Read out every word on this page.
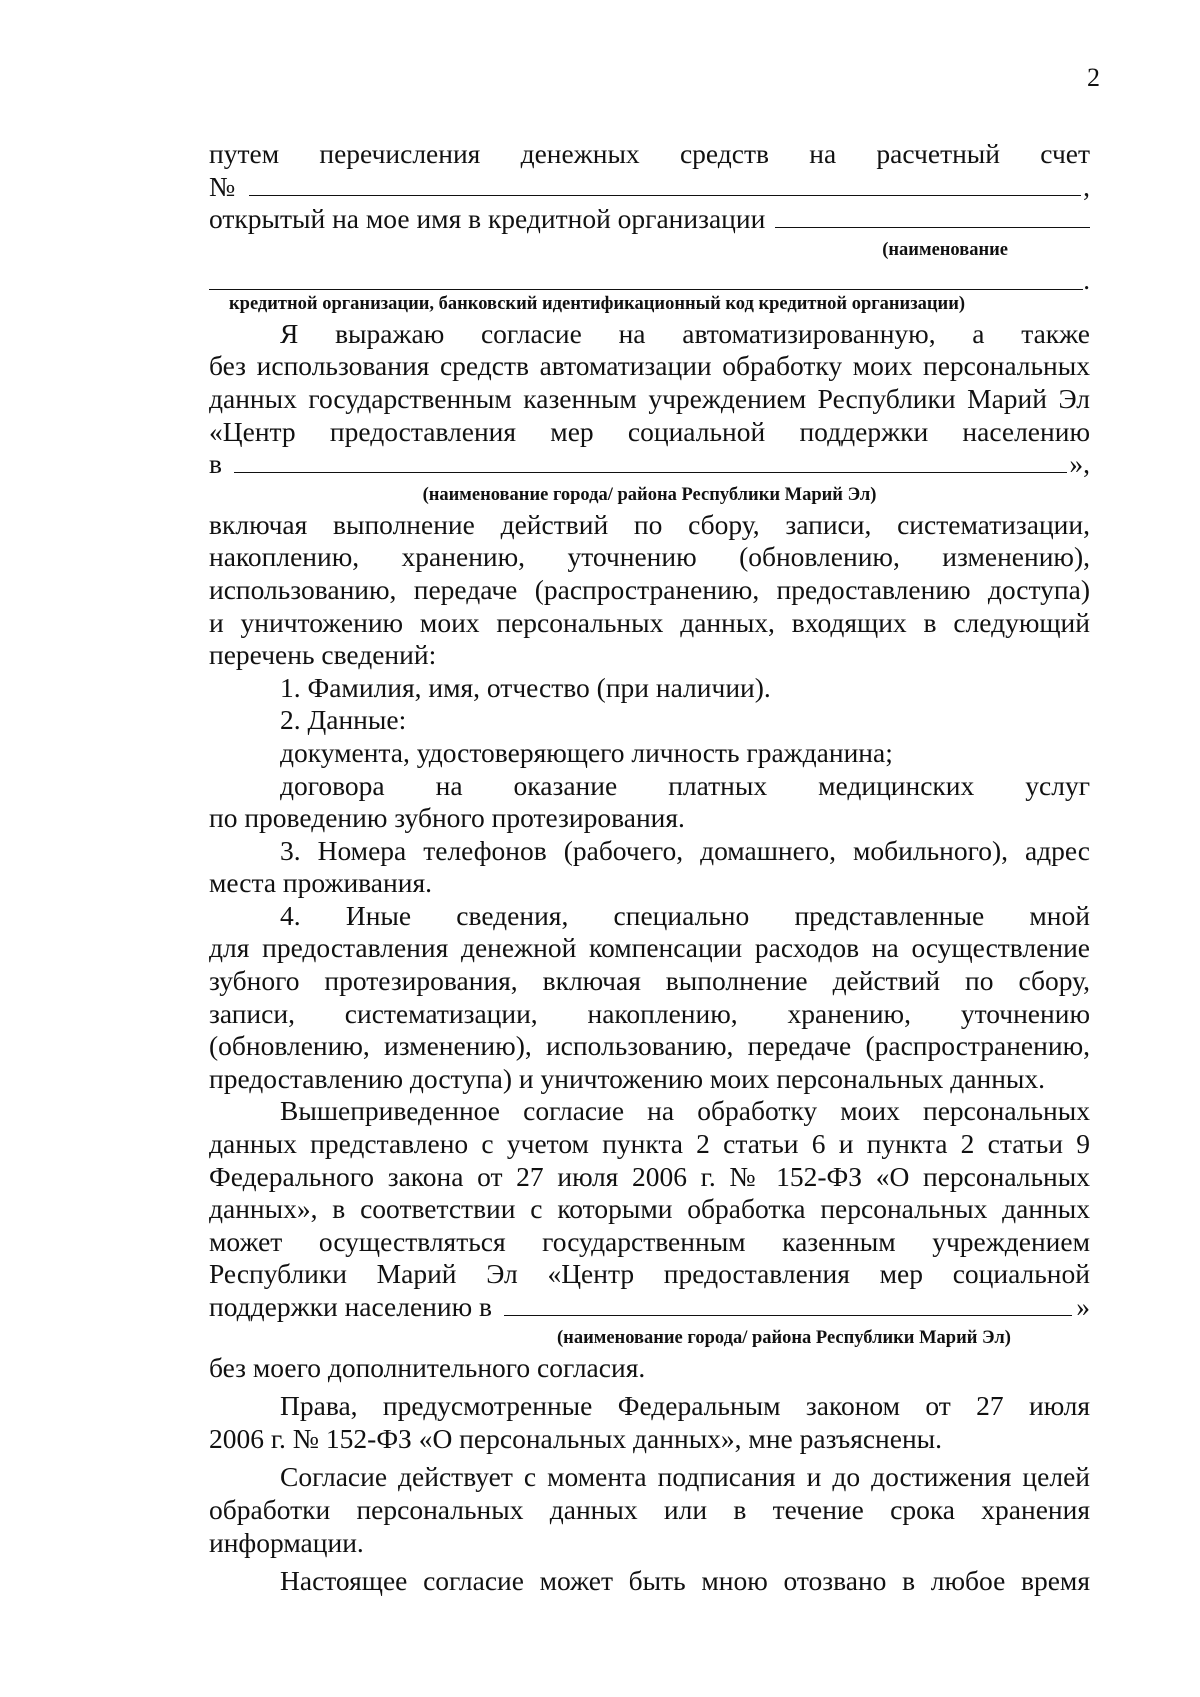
2
путем перечисления денежных средств на расчетный счет
№	,
открытый на мое имя в кредитной организации
(наименование
.
кредитной организации, банковский идентификационный код кредитной организации)
Я выражаю согласие на автоматизированную, а также
без использования средств автоматизации обработку моих персональных
данных государственным казенным учреждением Республики Марий Эл
«Центр предоставления мер социальной поддержки населению
в	»,
(наименование города/ района Республики Марий Эл)
включая выполнение действий по сбору, записи, систематизации,
накоплению, хранению, уточнению (обновлению, изменению),
использованию, передаче (распространению, предоставлению доступа)
и уничтожению моих персональных данных, входящих в следующий
перечень сведений:
1. Фамилия, имя, отчество (при наличии).
2. Данные:
документа, удостоверяющего личность гражданина;
договора на оказание платных медицинских услуг
по проведению зубного протезирования.
3. Номера телефонов (рабочего, домашнего, мобильного), адрес
места проживания.
4. Иные сведения, специально представленные мной
для предоставления денежной компенсации расходов на осуществление
зубного протезирования, включая выполнение действий по сбору,
записи, систематизации, накоплению, хранению, уточнению
(обновлению, изменению), использованию, передаче (распространению,
предоставлению доступа) и уничтожению моих персональных данных.
Вышеприведенное согласие на обработку моих персональных
данных представлено с учетом пункта 2 статьи 6 и пункта 2 статьи 9
Федерального закона от 27 июля 2006 г. № 152-ФЗ «О персональных
данных», в соответствии с которыми обработка персональных данных
может осуществляться государственным казенным учреждением
Республики Марий Эл «Центр предоставления мер социальной
поддержки населению в	»
(наименование города/ района Республики Марий Эл)
без моего дополнительного согласия.
Права, предусмотренные Федеральным законом от 27 июля
2006 г. № 152-ФЗ «О персональных данных», мне разъяснены.
Согласие действует с момента подписания и до достижения целей
обработки персональных данных или в течение срока хранения
информации.
Настоящее согласие может быть мною отозвано в любое время
